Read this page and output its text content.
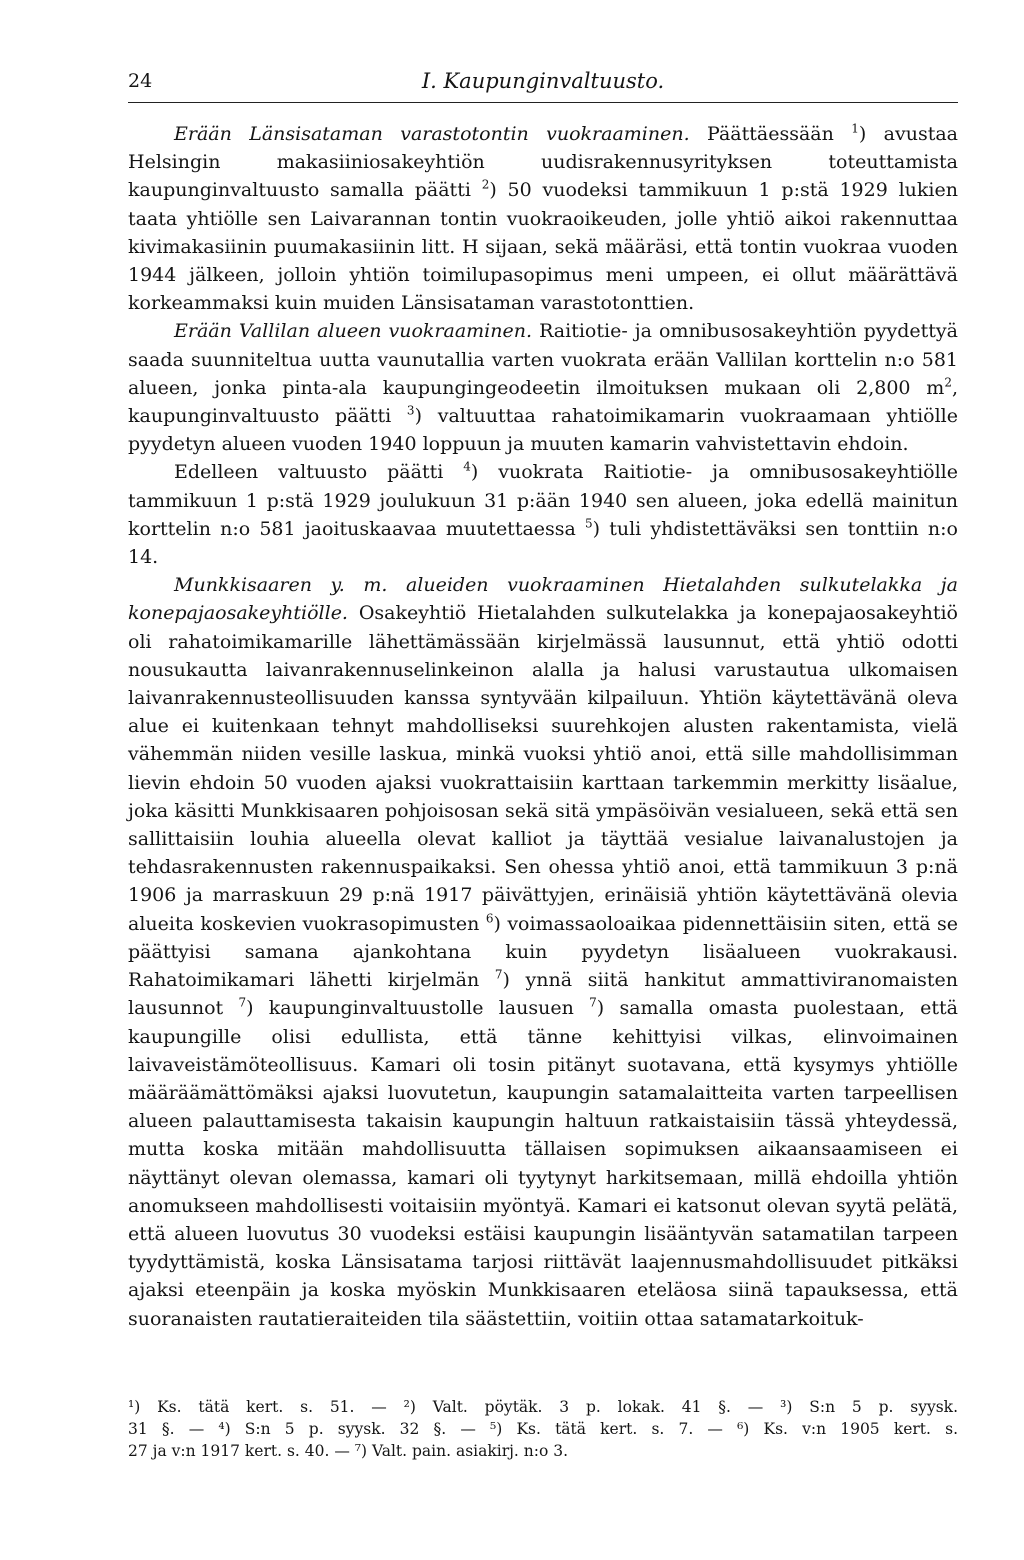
24	I. Kaupunginvaltuusto.

Erään Länsisataman varastotontin vuokraaminen. Päättäessään $^1$) avustaa Helsingin makasiiniosakeyhtiön uudisrakennusyrityksen toteuttamista kaupunginvaltuusto samalla päätti $^2$) 50 vuodeksi tammikuun 1 p:stä 1929 lukien taata yhtiölle sen Laivarannan tontin vuokraoikeuden, jolle yhtiö aikoi rakennuttaa kivimakasiinin puumakasiinin litt. H sijaan, sekä määräsi, että tontin vuokraa vuoden 1944 jälkeen, jolloin yhtiön toimilupasopimus meni umpeen, ei ollut määrättävä korkeammaksi kuin muiden Länsisataman varastotonttien.

Erään Vallilan alueen vuokraaminen. Raitiotie- ja omnibusosakeyhtiön pyydettyä saada suunniteltua uutta vaunutallia varten vuokrata erään Vallilan korttelin n:o 581 alueen, jonka pinta-ala kaupungingeodeetin ilmoituksen mukaan oli 2,800 $m^2$, kaupunginvaltuusto päätti $^3$) valtuuttaa rahatoimikamarin vuokraamaan yhtiölle pyydetyn alueen vuoden 1940 loppuun ja muuten kamarin vahvistettavin ehdoin.

Edelleen valtuusto päätti $^4$) vuokrata Raitiotie- ja omnibusosakeyhtiölle tammikuun 1 p:stä 1929 joulukuun 31 p:ään 1940 sen alueen, joka edellä mainitun korttelin n:o 581 jaoituskaavaa muutettaessa $^5$) tuli yhdistettäväksi sen tonttiin n:o 14.

Munkkisaaren y. m. alueiden vuokraaminen Hietalahden sulkutelakka ja konepajaosakeyhtiölle. Osakeyhtiö Hietalahden sulkutelakka ja konepajaosakeyhtiö oli rahatoimikamarille lähettämässään kirjelmässä lausunnut, että yhtiö odotti nousukautta laivanrakennuselinkeinon alalla ja halusi varustautua ulkomaisen laivanrakennusteollisuuden kanssa syntyvään kilpailuun. Yhtiön käytettävänä oleva alue ei kuitenkaan tehnyt mahdolliseksi suurehkojen alusten rakentamista, vielä vähemmän niiden vesille laskua, minkä vuoksi yhtiö anoi, että sille mahdollisimman lievin ehdoin 50 vuoden ajaksi vuokrattaisiin karttaan tarkemmin merkitty lisäalue, joka käsitti Munkkisaaren pohjoisosan sekä sitä ympäsöivän vesialueen, sekä että sen sallittaisiin louhia alueella olevat kalliot ja täyttää vesialue laivanalustojen ja tehdasrakennusten rakennuspaikaksi. Sen ohessa yhtiö anoi, että tammikuun 3 p:nä 1906 ja marraskuun 29 p:nä 1917 päivättyjen, erinäisiä yhtiön käytettävänä olevia alueita koskevien vuokrasopimusten $^6$) voimassaoloaikaa pidennettäisiin siten, että se päättyisi samana ajankohtana kuin pyydetyn lisäalueen vuokrakausi. Rahatoimikamari lähetti kirjelmän $^7$) ynnä siitä hankitut ammattiviranomaisten lausunnot $^7$) kaupunginvaltuustolle lausuen $^7$) samalla omasta puolestaan, että kaupungille olisi edullista, että tänne kehittyisi vilkas, elinvoimainen laivaveistämöteollisuus. Kamari oli tosin pitänyt suotavana, että kysymys yhtiölle määräämättömäksi ajaksi luovutetun, kaupungin satamalaitteita varten tarpeellisen alueen palauttamisesta takaisin kaupungin haltuun ratkaistaisiin tässä yhteydessä, mutta koska mitään mahdollisuutta tällaisen sopimuksen aikaansaamiseen ei näyttänyt olevan olemassa, kamari oli tyytynyt harkitsemaan, millä ehdoilla yhtiön anomukseen mahdollisesti voitaisiin myöntyä. Kamari ei katsonut olevan syytä pelätä, että alueen luovutus 30 vuodeksi estäisi kaupungin lisääntyvän satamatilan tarpeen tyydyttämistä, koska Länsisatama tarjosi riittävät laajennusmahdollisuudet pitkäksi ajaksi eteenpäin ja koska myöskin Munkkisaaren eteläosa siinä tapauksessa, että suoranaisten rautatieraiteiden tila säästettiin, voitiin ottaa satamatarkoituk-

¹) Ks. tätä kert. s. 51. — ²) Valt. pöytäk. 3 p. lokak. 41 §. — ³) S:n 5 p. syysk.

31 §. — ⁴) S:n 5 p. syysk. 32 §. — ⁵) Ks. tätä kert. s. 7. — ⁶) Ks. v:n 1905 kert. s.

27 ja v:n 1917 kert. s. 40. — ⁷) Valt. pain. asiakirj. n:o 3.
